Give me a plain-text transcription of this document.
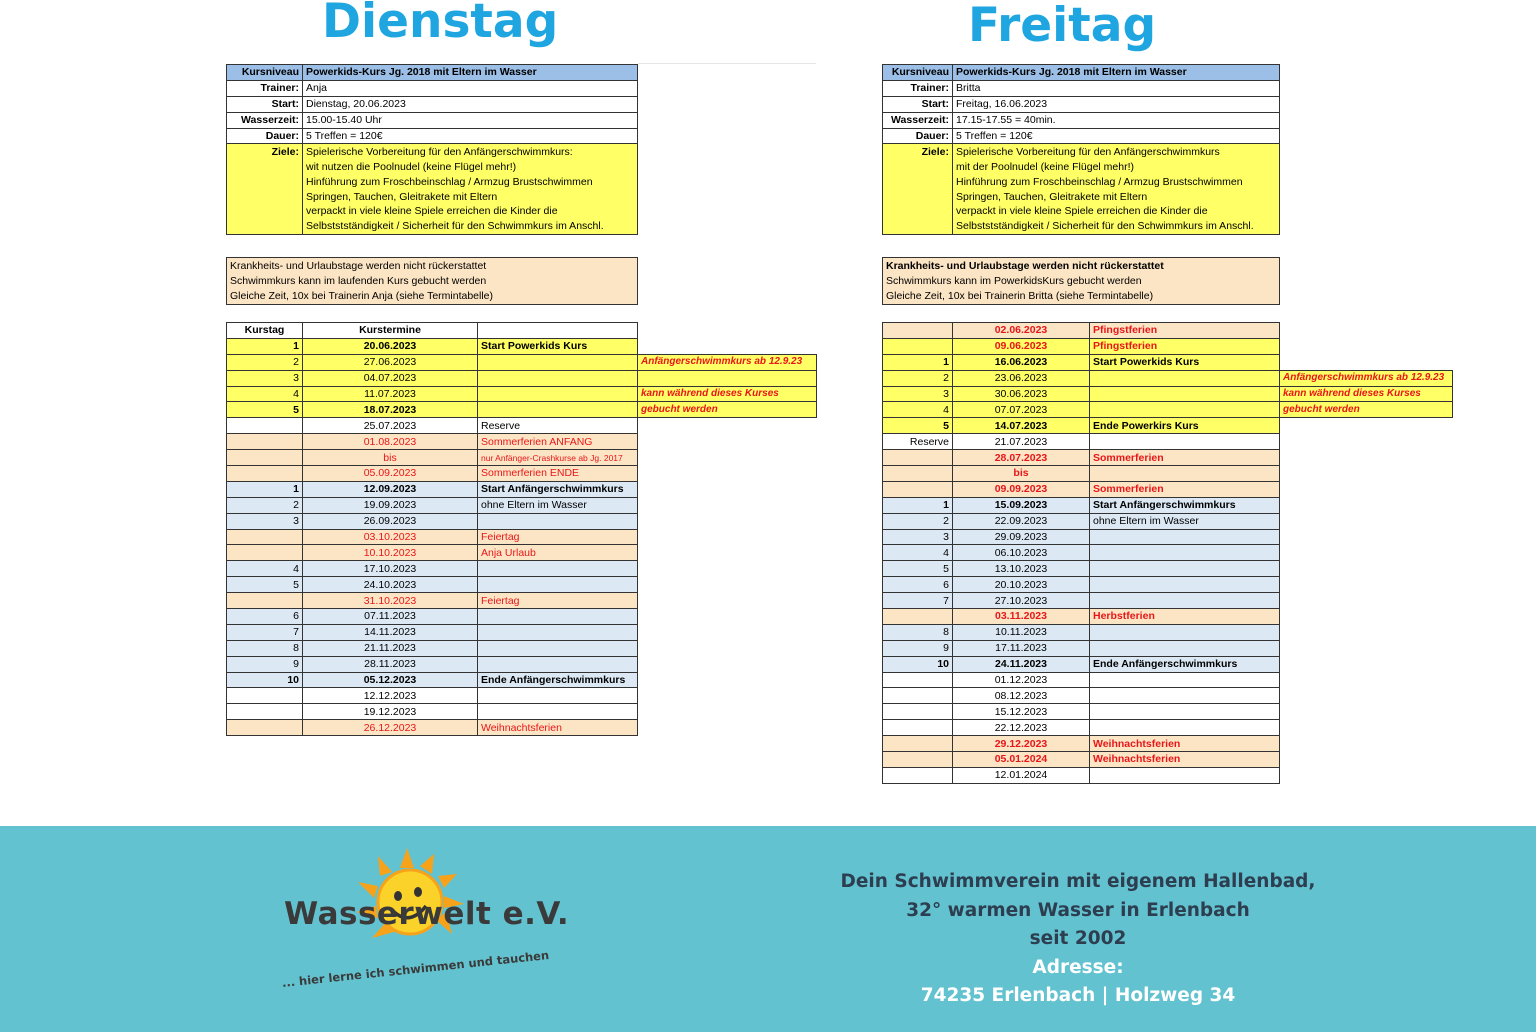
Dienstag
Kursniveau	Powerkids-Kurs Jg. 2018 mit Eltern im Wasser
Trainer:	Anja
Start:	Dienstag, 20.06.2023
Wasserzeit:	15.00-15.40 Uhr
Dauer:	5 Treffen = 120€
Ziele:	Spielerische Vorbereitung für den Anfängerschwimmkurs:
	wit nutzen die Poolnudel (keine Flügel mehr!)
	Hinführung zum Froschbeinschlag / Armzug Brustschwimmen
	Springen, Tauchen, Gleitrakete mit Eltern
	verpackt in viele kleine Spiele erreichen die Kinder die
	Selbststständigkeit / Sicherheit für den Schwimmkurs im Anschl.
Krankheits- und Urlaubstage werden nicht rückerstattet
Schwimmkurs kann im laufenden Kurs gebucht werden
Gleiche Zeit, 10x bei Trainerin Anja (siehe Termintabelle)
Kurstag	Kurstermine		
1	20.06.2023	Start Powerkids Kurs	
2	27.06.2023		Anfängerschwimmkurs ab 12.9.23
3	04.07.2023		
4	11.07.2023		kann während dieses Kurses
5	18.07.2023		gebucht werden
	25.07.2023	Reserve	
	01.08.2023	Sommerferien ANFANG	
	bis	nur Anfänger-Crashkurse ab Jg. 2017	
	05.09.2023	Sommerferien ENDE	
1	12.09.2023	Start Anfängerschwimmkurs	
2	19.09.2023	ohne Eltern im Wasser	
3	26.09.2023		
	03.10.2023	Feiertag	
	10.10.2023	Anja Urlaub	
4	17.10.2023		
5	24.10.2023		
	31.10.2023	Feiertag	
6	07.11.2023		
7	14.11.2023		
8	21.11.2023		
9	28.11.2023		
10	05.12.2023	Ende Anfängerschwimmkurs	
	12.12.2023		
	19.12.2023		
	26.12.2023	Weihnachtsferien	
Freitag
Kursniveau	Powerkids-Kurs Jg. 2018 mit Eltern im Wasser
Trainer:	Britta
Start:	Freitag, 16.06.2023
Wasserzeit:	17.15-17.55 = 40min.
Dauer:	5 Treffen = 120€
Ziele:	Spielerische Vorbereitung für den Anfängerschwimmkurs
	mit der Poolnudel (keine Flügel mehr!)
	Hinführung zum Froschbeinschlag / Armzug Brustschwimmen
	Springen, Tauchen, Gleitrakete mit Eltern
	verpackt in viele kleine Spiele erreichen die Kinder die
	Selbststständigkeit / Sicherheit für den Schwimmkurs im Anschl.
Krankheits- und Urlaubstage werden nicht rückerstattet
Schwimmkurs kann im PowerkidsKurs gebucht werden
Gleiche Zeit, 10x bei Trainerin Britta (siehe Termintabelle)
	02.06.2023	Pfingstferien	
	09.06.2023	Pfingstferien	
1	16.06.2023	Start Powerkids Kurs	
2	23.06.2023		Anfängerschwimmkurs ab 12.9.23
3	30.06.2023		kann während dieses Kurses
4	07.07.2023		gebucht werden
5	14.07.2023	Ende Powerkirs Kurs	
Reserve	21.07.2023		
	28.07.2023	Sommerferien	
	bis		
	09.09.2023	Sommerferien	
1	15.09.2023	Start Anfängerschwimmkurs	
2	22.09.2023	ohne Eltern im Wasser	
3	29.09.2023		
4	06.10.2023		
5	13.10.2023		
6	20.10.2023		
7	27.10.2023		
	03.11.2023	Herbstferien	
8	10.11.2023		
9	17.11.2023		
10	24.11.2023	Ende Anfängerschwimmkurs	
	01.12.2023		
	08.12.2023		
	15.12.2023		
	22.12.2023		
	29.12.2023	Weihnachtsferien	
	05.01.2024	Weihnachtsferien	
	12.01.2024		
Wasserwelt e.V.
... hier lerne ich schwimmen und tauchen
Dein Schwimmverein mit eigenem Hallenbad,
32° warmen Wasser in Erlenbach
seit 2002
Adresse:
74235 Erlenbach | Holzweg 34
